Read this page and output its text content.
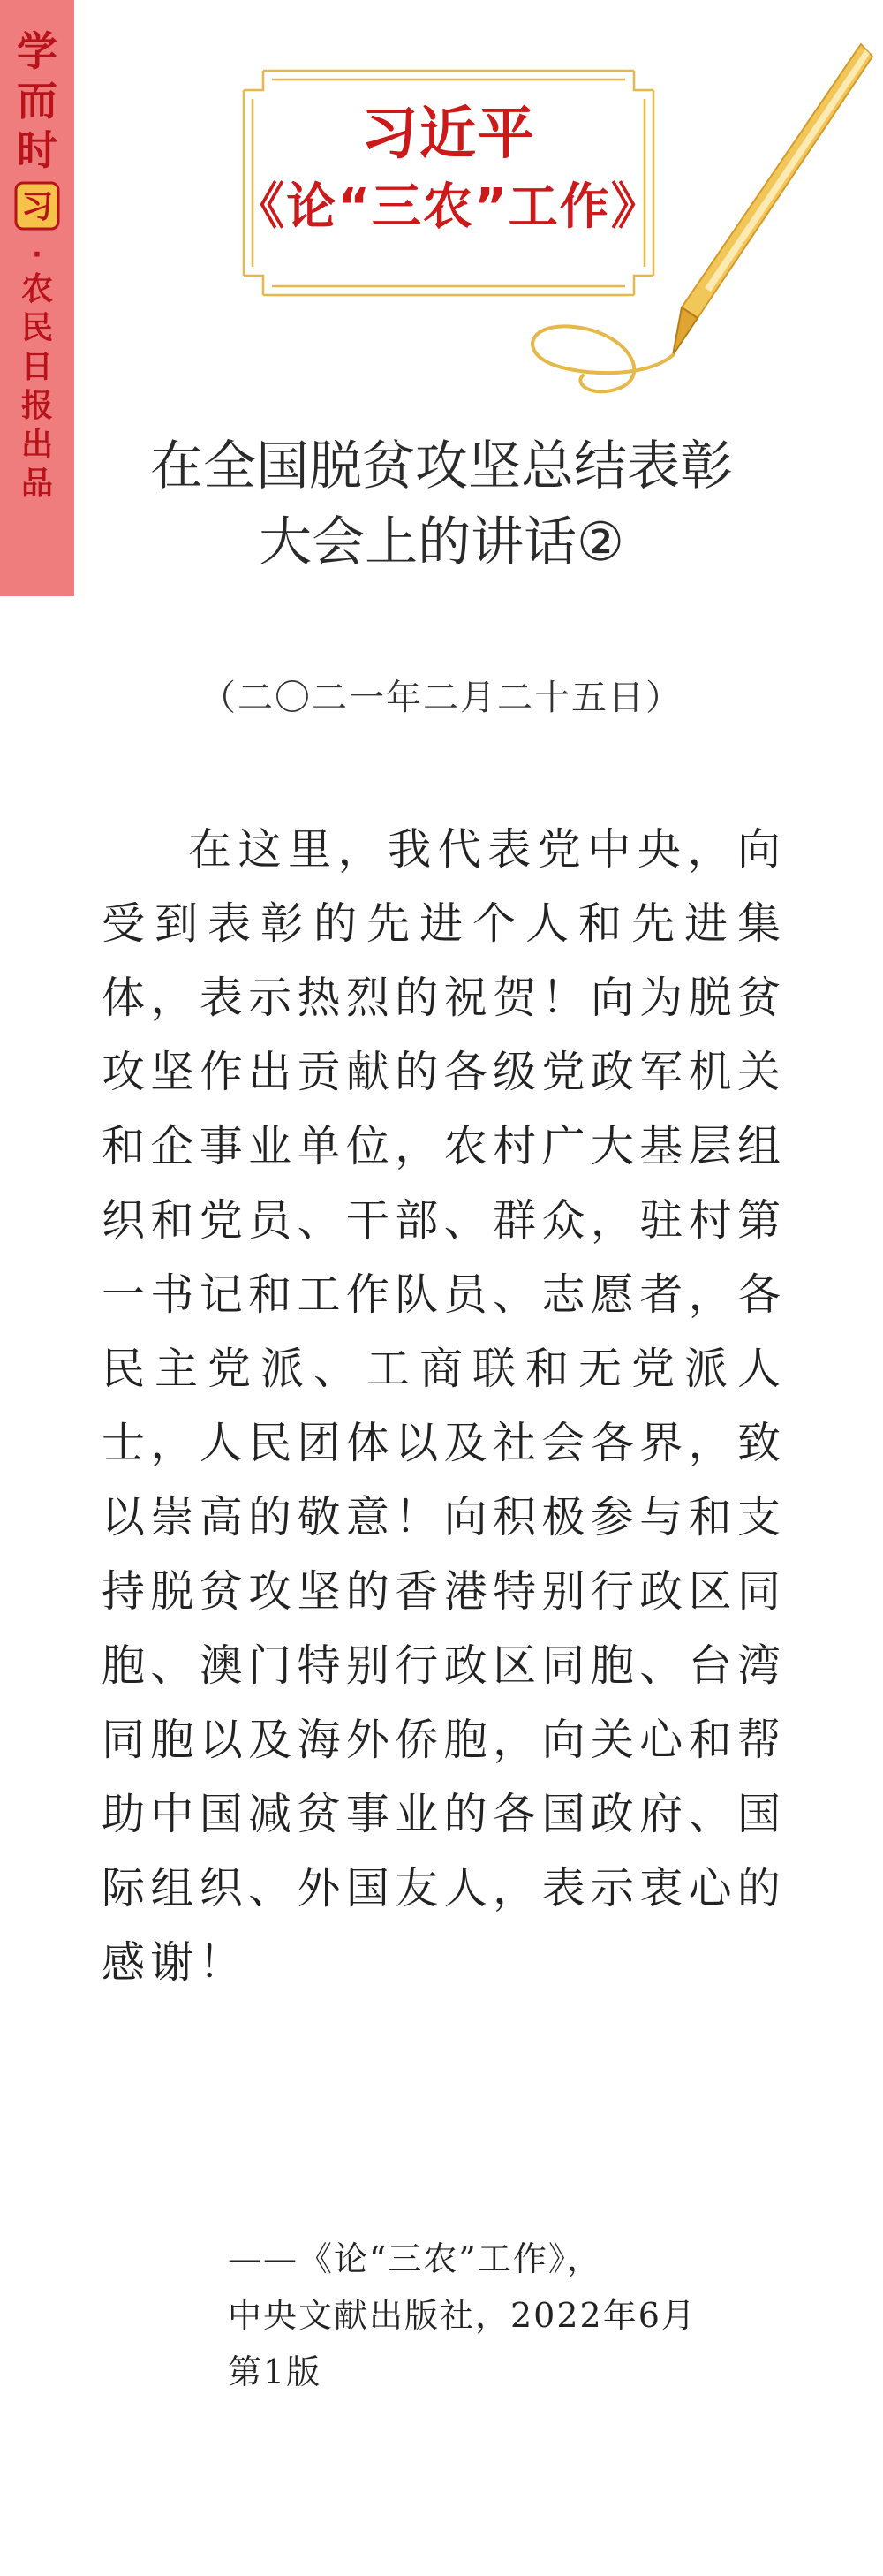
学
而
时
习
·
农
民
日
报
出
品
习近平
《论“三农”工作》
在全国脱贫攻坚总结表彰
大会上的讲话②
（二〇二一年二月二十五日）

在这里，我代表党中央，向受到表彰的先进个人和先进集体，表示热烈的祝贺！向为脱贫攻坚作出贡献的各级党政军机关和企事业单位，农村广大基层组织和党员、干部、群众，驻村第一书记和工作队员、志愿者，各民主党派、工商联和无党派人士，人民团体以及社会各界，致以崇高的敬意！向积极参与和支持脱贫攻坚的香港特别行政区同胞、澳门特别行政区同胞、台湾同胞以及海外侨胞，向关心和帮助中国减贫事业的各国政府、国际组织、外国友人，表示衷心的感谢！

——《论“三农”工作》，
中央文献出版社，2022年6月
第1版
